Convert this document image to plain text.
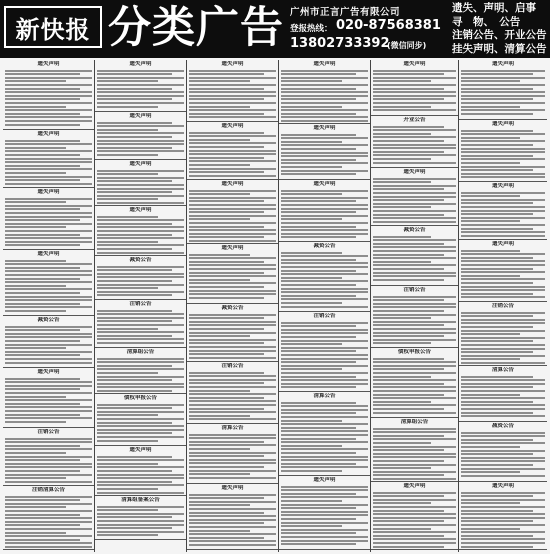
新快报 分类广告 广州市正言广告有限公司
登报热线： 020-87568381
13802733392
(微信同步)
遗失、声明、启事
寻　物、　公告
注销公告、开业公告
挂失声明、清算公告
遗失声明
遗失声明
遗失声明
遗失声明
减资公告
遗失声明
注销公告
注销清算公告
遗失声明
遗失声明
遗失声明
遗失声明
减资公告
注销公告
清算组公告
债权申报公告
遗失声明
清算组备案公告
遗失声明
遗失声明
遗失声明
遗失声明
减资公告
注销公告
清算公告
遗失声明
遗失声明
遗失声明
遗失声明
减资公告
注销公告
清算公告
遗失声明
遗失声明
开业公告
遗失声明
减资公告
注销公告
债权申报公告
清算组公告
遗失声明
遗失声明
遗失声明
遗失声明
遗失声明
注销公告
清算公告
减资公告
遗失声明
